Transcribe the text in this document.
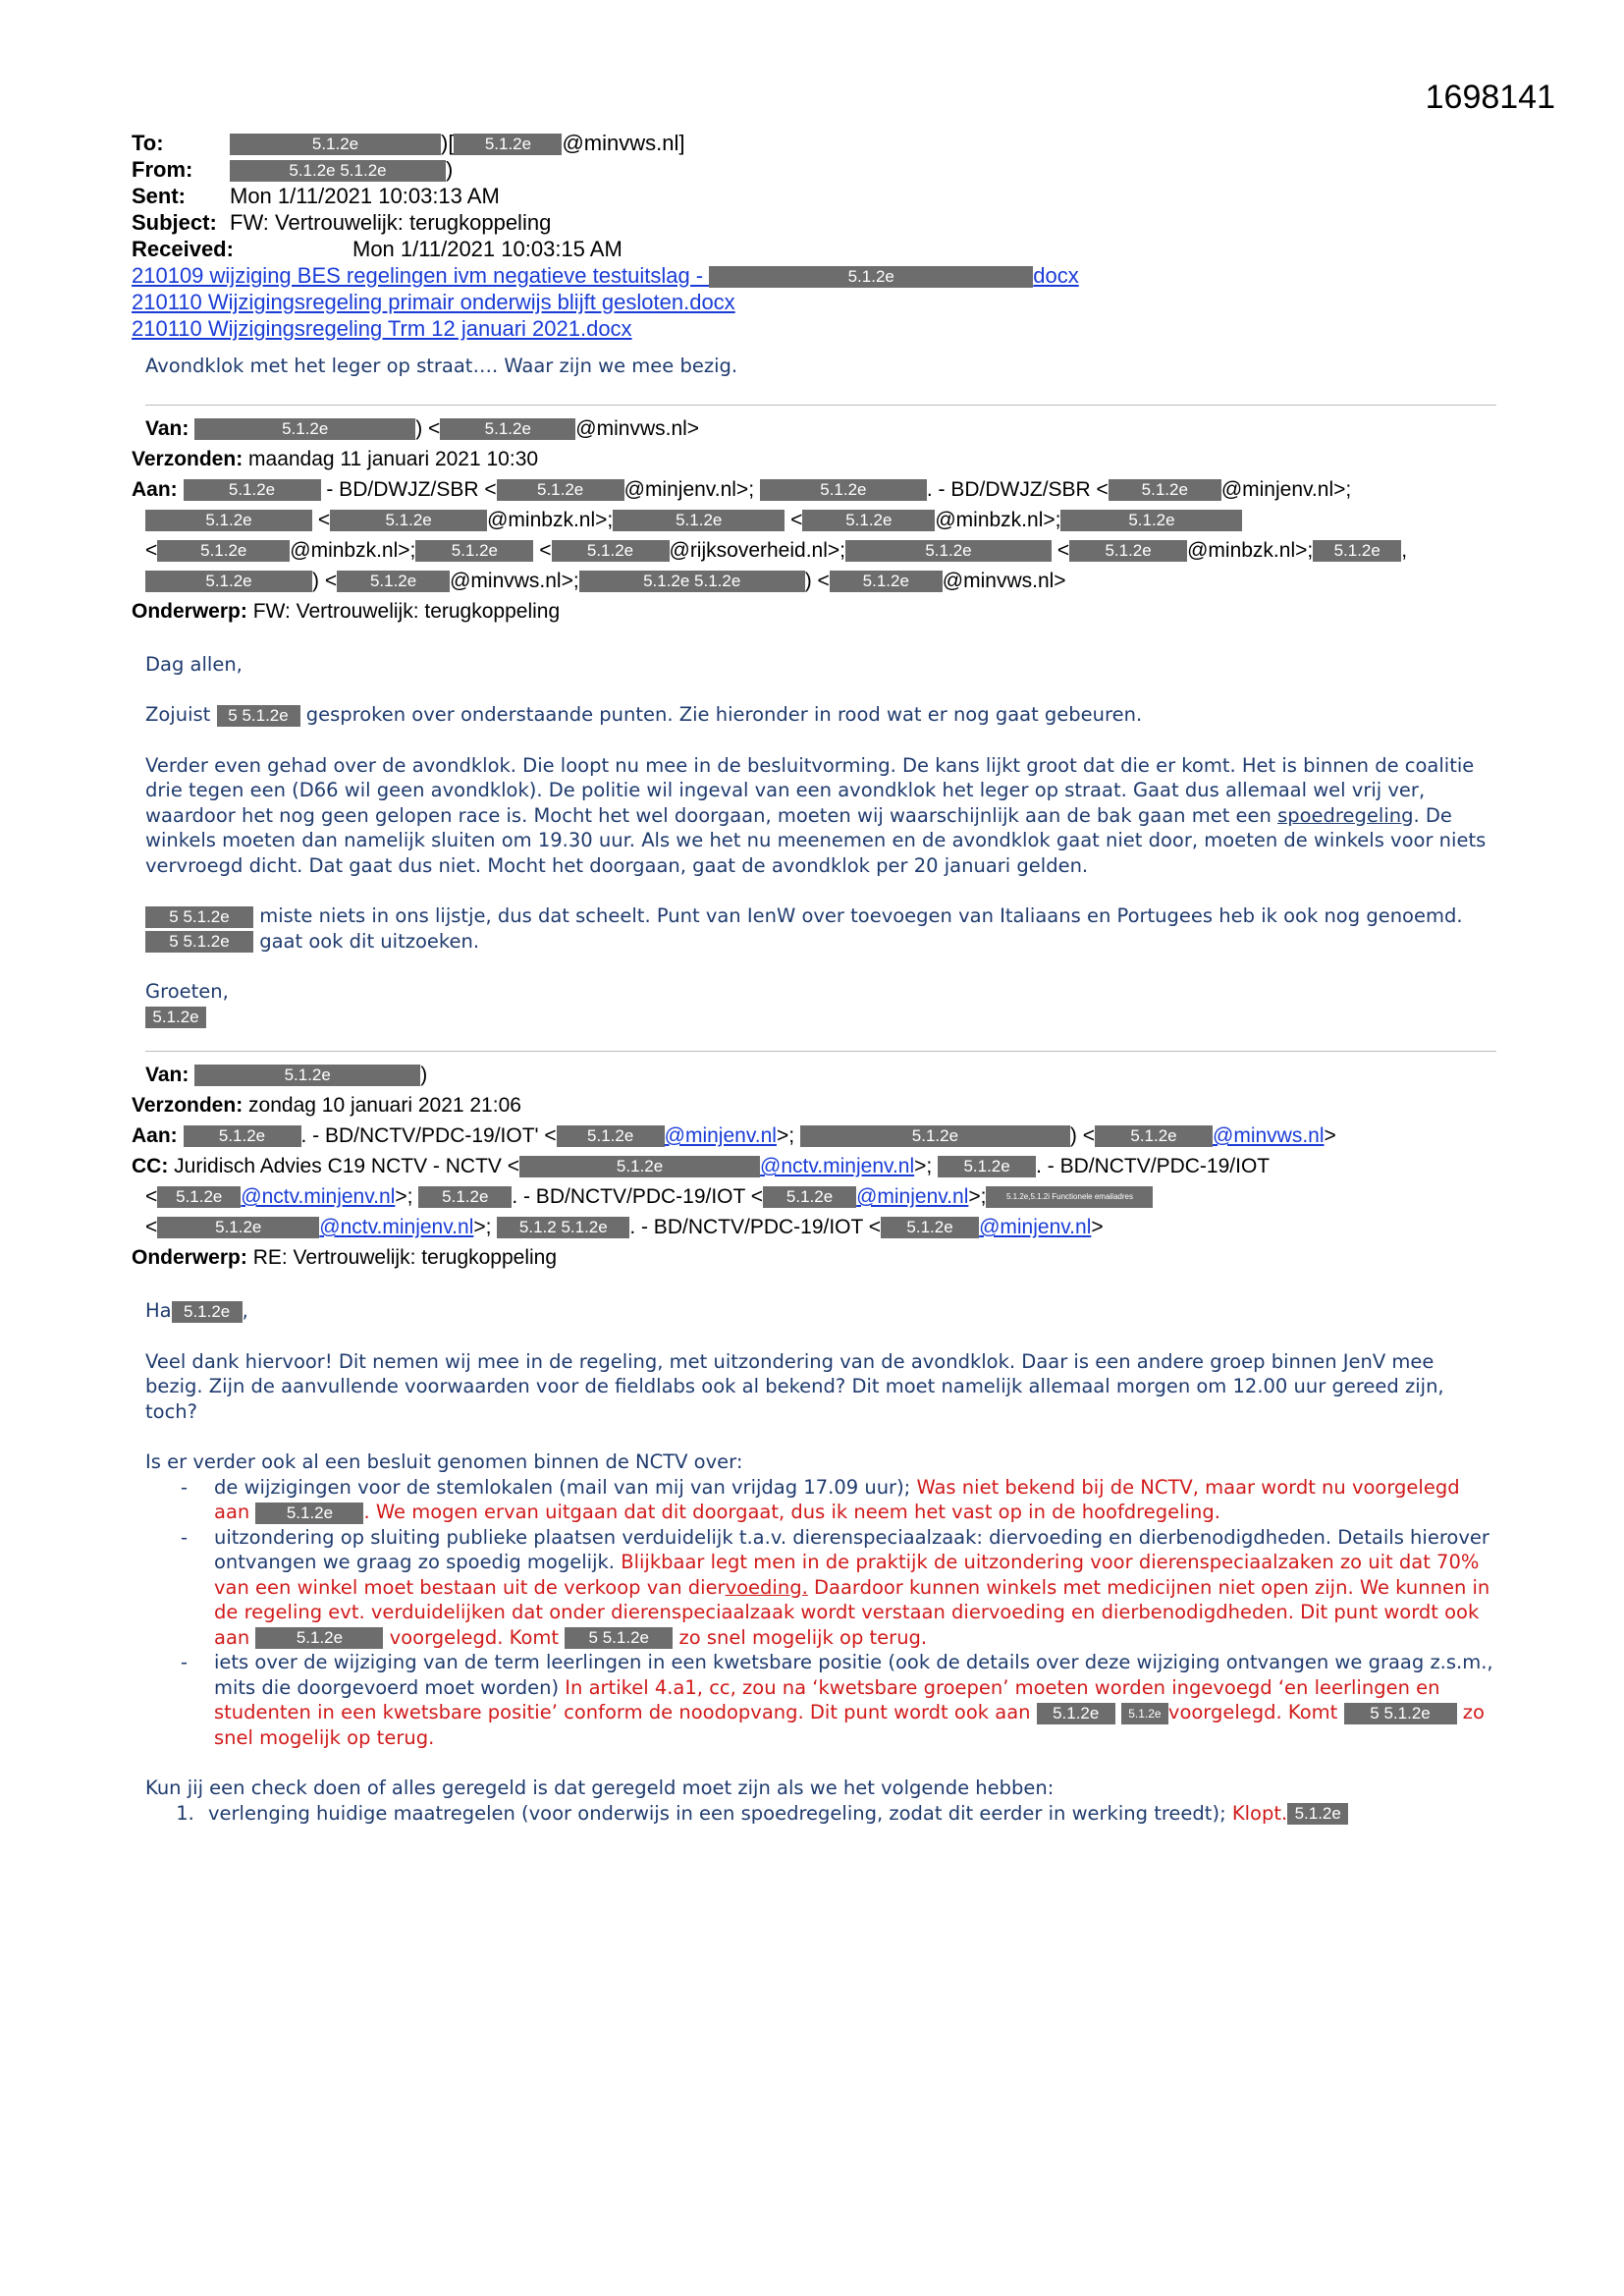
1698141
To:	5.1.2e	)[ 5.1.2e @minvws.nl]
From:	5.1.2e 5.1.2e	)
Sent: Mon 1/11/2021 10:03:13 AM
Subject: FW: Vertrouwelijk: terugkoppeling
Received:	Mon 1/11/2021 10:03:15 AM
210109 wijziging BES regelingen ivm negatieve testuitslag -	5.1.2e	docx
210110 Wijzigingsregeling primair onderwijs blijft gesloten.docx
210110 Wijzigingsregeling Trm 12 januari 2021.docx

Avondklok met het leger op straat…. Waar zijn we mee bezig.

Van:	5.1.2e	) <	5.1.2e @minvws.nl>
Verzonden: maandag 11 januari 2021 10:30
Aan:	5.1.2e - BD/DWJZ/SBR < 5.1.2e @minjenv.nl>;	5.1.2e	. - BD/DWJZ/SBR < 5.1.2e @minjenv.nl>;
5.1.2e	<	5.1.2e	@minbzk.nl>;	5.1.2e	<	5.1.2e @minbzk.nl>;	5.1.2e
<	5.1.2e @minbzk.nl>; 5.1.2e < 5.1.2e @rijksoverheid.nl>;	5.1.2e	< 5.1.2e @minbzk.nl>; 5.1.2e ,
5.1.2e	) < 5.1.2e @minvws.nl>;	5.1.2e 5.1.2e	) < 5.1.2e @minvws.nl>
Onderwerp: FW: Vertrouwelijk: terugkoppeling

Dag allen,

Zojuist 5 5.1.2e gesproken over onderstaande punten. Zie hieronder in rood wat er nog gaat gebeuren.

Verder even gehad over de avondklok. Die loopt nu mee in de besluitvorming. De kans lijkt groot dat die er komt. Het is binnen de coalitie drie tegen een (D66 wil geen avondklok). De politie wil ingeval van een avondklok het leger op straat. Gaat dus allemaal wel vrij ver, waardoor het nog geen gelopen race is. Mocht het wel doorgaan, moeten wij waarschijnlijk aan de bak gaan met een spoedregeling. De winkels moeten dan namelijk sluiten om 19.30 uur. Als we het nu meenemen en de avondklok gaat niet door, moeten de winkels voor niets vervroegd dicht. Dat gaat dus niet. Mocht het doorgaan, gaat de avondklok per 20 januari gelden.

5 5.1.2e miste niets in ons lijstje, dus dat scheelt. Punt van IenW over toevoegen van Italiaans en Portugees heb ik ook nog genoemd. 5 5.1.2e gaat ook dit uitzoeken.

Groeten,

5.1.2e

Van:	5.1.2e	)
Verzonden: zondag 10 januari 2021 21:06
Aan: 5.1.2e . - BD/NCTV/PDC-19/IOT' < 5.1.2e @minjenv.nl>;	5.1.2e	) < 5.1.2e @minvws.nl>
CC: Juridisch Advies C19 NCTV - NCTV <	5.1.2e	@nctv.minjenv.nl>; 5.1.2e . - BD/NCTV/PDC-19/IOT
< 5.1.2e @nctv.minjenv.nl>; 5.1.2e . - BD/NCTV/PDC-19/IOT < 5.1.2e @minjenv.nl>;	5.1.2e,5.1.2i Functionele emailadres
<	5.1.2e	@nctv.minjenv.nl>; 5.1.2 5.1.2e . - BD/NCTV/PDC-19/IOT < 5.1.2e @minjenv.nl>
Onderwerp: RE: Vertrouwelijk: terugkoppeling

Ha 5.1.2e ,

Veel dank hiervoor! Dit nemen wij mee in de regeling, met uitzondering van de avondklok. Daar is een andere groep binnen JenV mee bezig. Zijn de aanvullende voorwaarden voor de fieldlabs ook al bekend? Dit moet namelijk allemaal morgen om 12.00 uur gereed zijn, toch?

Is er verder ook al een besluit genomen binnen de NCTV over:

- de wijzigingen voor de stemlokalen (mail van mij van vrijdag 17.09 uur); Was niet bekend bij de NCTV, maar wordt nu voorgelegd aan 5.1.2e . We mogen ervan uitgaan dat dit doorgaat, dus ik neem het vast op in de hoofdregeling.
- uitzondering op sluiting publieke plaatsen verduidelijk t.a.v. dierenspeciaalzaak: diervoeding en dierbenodigdheden. Details hierover ontvangen we graag zo spoedig mogelijk. Blijkbaar legt men in de praktijk de uitzondering voor dierenspeciaalzaken zo uit dat 70% van een winkel moet bestaan uit de verkoop van diervoeding. Daardoor kunnen winkels met medicijnen niet open zijn. We kunnen in de regeling evt. verduidelijken dat onder dierenspeciaalzaak wordt verstaan diervoeding en dierbenodigdheden. Dit punt wordt ook aan 5.1.2e voorgelegd. Komt 5 5.1.2e zo snel mogelijk op terug.
- iets over de wijziging van de term leerlingen in een kwetsbare positie (ook de details over deze wijziging ontvangen we graag z.s.m., mits die doorgevoerd moet worden) In artikel 4.a1, cc, zou na ‘kwetsbare groepen’ moeten worden ingevoegd ‘en leerlingen en studenten in een kwetsbare positie’ conform de noodopvang. Dit punt wordt ook aan 5.1.2e 5.1.2e voorgelegd. Komt 5 5.1.2e zo snel mogelijk op terug.

Kun jij een check doen of alles geregeld is dat geregeld moet zijn als we het volgende hebben:

1. verlenging huidige maatregelen (voor onderwijs in een spoedregeling, zodat dit eerder in werking treedt); Klopt. 5.1.2e
